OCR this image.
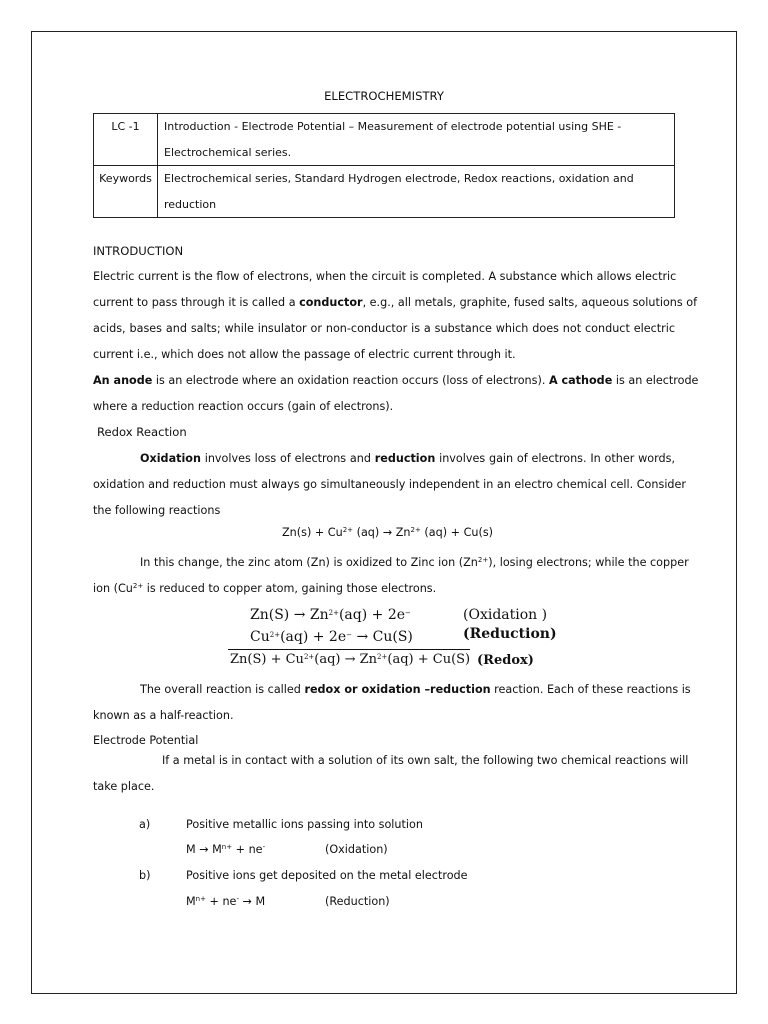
ELECTROCHEMISTRY
LC -1	Introduction - Electrode Potential – Measurement of electrode potential using SHE -
Electrochemical series.

Keywords	Electrochemical series, Standard Hydrogen electrode, Redox reactions, oxidation and
reduction
INTRODUCTION
Electric current is the flow of electrons, when the circuit is completed. A substance which allows electric
current to pass through it is called a conductor, e.g., all metals, graphite, fused salts, aqueous solutions of
acids, bases and salts; while insulator or non-conductor is a substance which does not conduct electric
current i.e., which does not allow the passage of electric current through it.
An anode is an electrode where an oxidation reaction occurs (loss of electrons). A cathode is an electrode
where a reduction reaction occurs (gain of electrons).
Redox Reaction
Oxidation involves loss of electrons and reduction involves gain of electrons. In other words,
oxidation and reduction must always go simultaneously independent in an electro chemical cell. Consider
the following reactions
$Zn(s) + Cu^{2+}$ $(aq) \to Zn^{2+}$ (aq) + Cu(s)
In this change, the zinc atom (Zn) is oxidized to Zinc ion $(Zn^{2+})$, losing electrons; while the copper
ion ($Cu^{2+}$ is reduced to copper atom, gaining those electrons.
$Zn(S) \to Zn^{2+}(aq) + 2e^-$	(Oxidation )
$Cu^{2+}(aq) + 2e^- \to Cu(S)$	(Reduction)
$Zn(S) + Cu^{2+}(aq) \to Zn^{2+}(aq) + Cu(S)$ (Redox)
The overall reaction is called redox or oxidation –reduction reaction. Each of these reactions is
known as a half-reaction.
Electrode Potential
If a metal is in contact with a solution of its own salt, the following two chemical reactions will
take place.
a)	Positive metallic ions passing into solution
$M \to M^{n+} + ne^-$	(Oxidation)
b)	Positive ions get deposited on the metal electrode
$M^{n+} + ne^- \to M$	(Reduction)
